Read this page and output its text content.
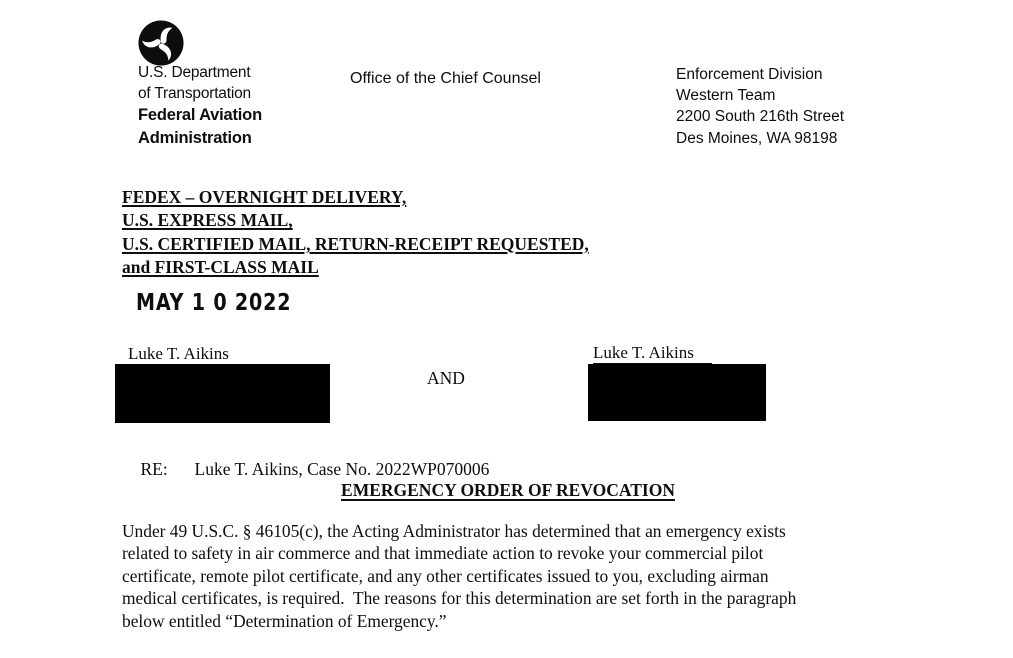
U.S. Department
of Transportation
Federal Aviation
Administration
Office of the Chief Counsel	Enforcement Division
Western Team
2200 South 216th Street
Des Moines, WA 98198
FEDEX – OVERNIGHT DELIVERY,
U.S. EXPRESS MAIL,
U.S. CERTIFIED MAIL, RETURN-RECEIPT REQUESTED,
and FIRST-CLASS MAIL
MAY 1 0 2022
Luke T. Aikins
AND
Luke T. Aikins

RE: Luke T. Aikins, Case No. 2022WP070006

EMERGENCY ORDER OF REVOCATION
Under 49 U.S.C. § 46105(c), the Acting Administrator has determined that an emergency exists
related to safety in air commerce and that immediate action to revoke your commercial pilot
certificate, remote pilot certificate, and any other certificates issued to you, excluding airman
medical certificates, is required.  The reasons for this determination are set forth in the paragraph
below entitled “Determination of Emergency.”
